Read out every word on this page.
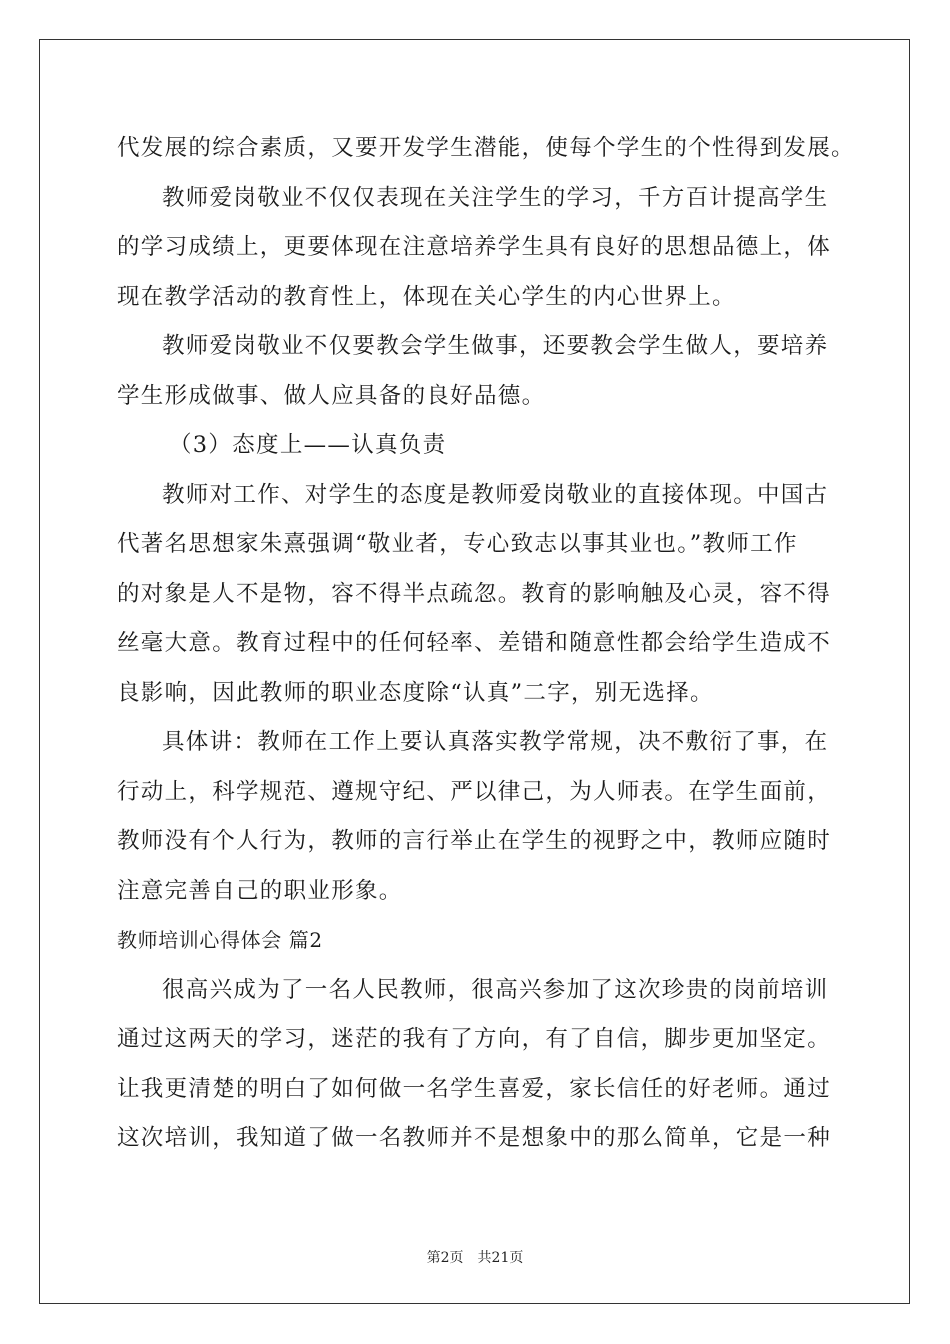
代发展的综合素质，又要开发学生潜能，使每个学生的个性得到发展。
教师爱岗敬业不仅仅表现在关注学生的学习，千方百计提高学生
的学习成绩上，更要体现在注意培养学生具有良好的思想品德上，体
现在教学活动的教育性上，体现在关心学生的内心世界上。
教师爱岗敬业不仅要教会学生做事，还要教会学生做人，要培养
学生形成做事、做人应具备的良好品德。
（3）态度上——认真负责
教师对工作、对学生的态度是教师爱岗敬业的直接体现。中国古
代著名思想家朱熹强调“敬业者，专心致志以事其业也。”教师工作
的对象是人不是物，容不得半点疏忽。教育的影响触及心灵，容不得
丝毫大意。教育过程中的任何轻率、差错和随意性都会给学生造成不
良影响，因此教师的职业态度除“认真”二字，别无选择。
具体讲：教师在工作上要认真落实教学常规，决不敷衍了事，在
行动上，科学规范、遵规守纪、严以律己，为人师表。在学生面前，
教师没有个人行为，教师的言行举止在学生的视野之中，教师应随时
注意完善自己的职业形象。
教师培训心得体会 篇2
很高兴成为了一名人民教师，很高兴参加了这次珍贵的岗前培训
通过这两天的学习，迷茫的我有了方向，有了自信，脚步更加坚定。
让我更清楚的明白了如何做一名学生喜爱，家长信任的好老师。通过
这次培训，我知道了做一名教师并不是想象中的那么简单，它是一种
第2页 共21页
